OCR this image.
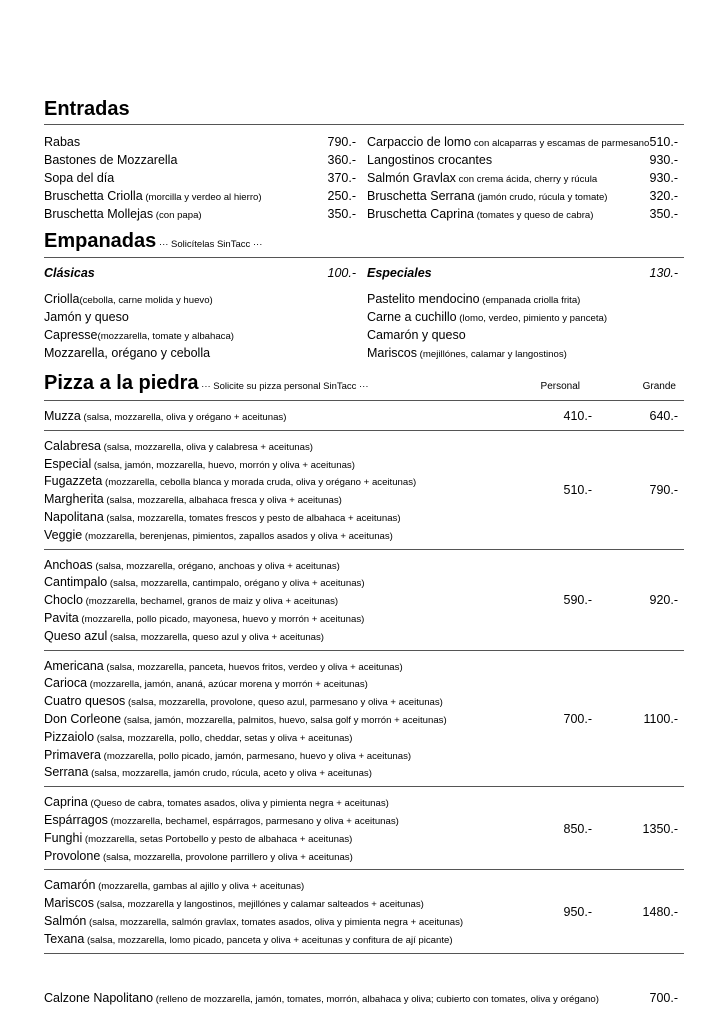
Entradas
Rabas	790.-
Bastones de Mozzarella	360.-
Sopa del día	370.-
Bruschetta Criolla (morcilla y verdeo al hierro)	250.-
Bruschetta Mollejas (con papa)	350.-
Carpaccio de lomo con alcaparras y escamas de parmesano 510.-
Langostinos crocantes	930.-
Salmón Gravlax con crema ácida, cherry y rúcula	930.-
Bruschetta Serrana (jamón crudo, rúcula y tomate)	320.-
Bruschetta Caprina (tomates y queso de cabra)	350.-
Empanadas ··· Solicítelas SinTacc ···
Clásicas	100.- Especiales	130.-
Criolla(cebolla, carne molida y huevo)
Jamón y queso
Capresse(mozzarella, tomate y albahaca)
Mozzarella, orégano y cebolla
Pastelito mendocino (empanada criolla frita)
Carne a cuchillo (lomo, verdeo, pimiento y panceta)
Camarón y queso
Mariscos (mejillónes, calamar y langostinos)
Pizza a la piedra ··· Solicite su pizza personal SinTacc ···	Personal	Grande
Muzza (salsa, mozzarella, oliva y orégano + aceitunas)	410.-	640.-
Calabresa (salsa, mozzarella, oliva y calabresa + aceitunas)
Especial (salsa, jamón, mozzarella, huevo, morrón y oliva + aceitunas)
Fugazzeta (mozzarella, cebolla blanca y morada cruda, oliva y orégano + aceitunas)
Margherita (salsa, mozzarella, albahaca fresca y oliva + aceitunas)
Napolitana (salsa, mozzarella, tomates frescos y pesto de albahaca + aceitunas)
Veggie (mozzarella, berenjenas, pimientos, zapallos asados y oliva + aceitunas)
510.-	790.-
Anchoas (salsa, mozzarella, orégano, anchoas y oliva + aceitunas)
Cantimpalo (salsa, mozzarella, cantimpalo, orégano y oliva + aceitunas)
Choclo (mozzarella, bechamel, granos de maiz y oliva + aceitunas)
Pavita (mozzarella, pollo picado, mayonesa, huevo y morrón + aceitunas)
Queso azul (salsa, mozzarella, queso azul y oliva + aceitunas)
590.-	920.-
Americana (salsa, mozzarella, panceta, huevos fritos, verdeo y oliva + aceitunas)
Carioca (mozzarella, jamón, ananá, azúcar morena y morrón + aceitunas)
Cuatro quesos (salsa, mozzarella, provolone, queso azul, parmesano y oliva + aceitunas)
Don Corleone (salsa, jamón, mozzarella, palmitos, huevo, salsa golf y morrón + aceitunas)
Pizzaiolo (salsa, mozzarella, pollo, cheddar, setas y oliva + aceitunas)
Primavera (mozzarella, pollo picado, jamón, parmesano, huevo y oliva + aceitunas)
Serrana (salsa, mozzarella, jamón crudo, rúcula, aceto y oliva + aceitunas)
700.-	1100.-
Caprina (Queso de cabra, tomates asados, oliva y pimienta negra + aceitunas)
Espárragos (mozzarella, bechamel, espárragos, parmesano y oliva + aceitunas)
Funghi (mozzarella, setas Portobello y pesto de albahaca + aceitunas)
Provolone (salsa, mozzarella, provolone parrillero y oliva + aceitunas)
850.-	1350.-
Camarón (mozzarella, gambas al ajillo y oliva + aceitunas)
Mariscos (salsa, mozzarella y langostinos, mejillónes y calamar salteados + aceitunas)
Salmón (salsa, mozzarella, salmón gravlax, tomates asados, oliva y pimienta negra + aceitunas)
Texana (salsa, mozzarella, lomo picado, panceta y oliva + aceitunas y confitura de ají picante)
950.-	1480.-
Calzone Napolitano (relleno de mozzarella, jamón, tomates, morrón, albahaca y oliva; cubierto con tomates, oliva y orégano)	700.-
